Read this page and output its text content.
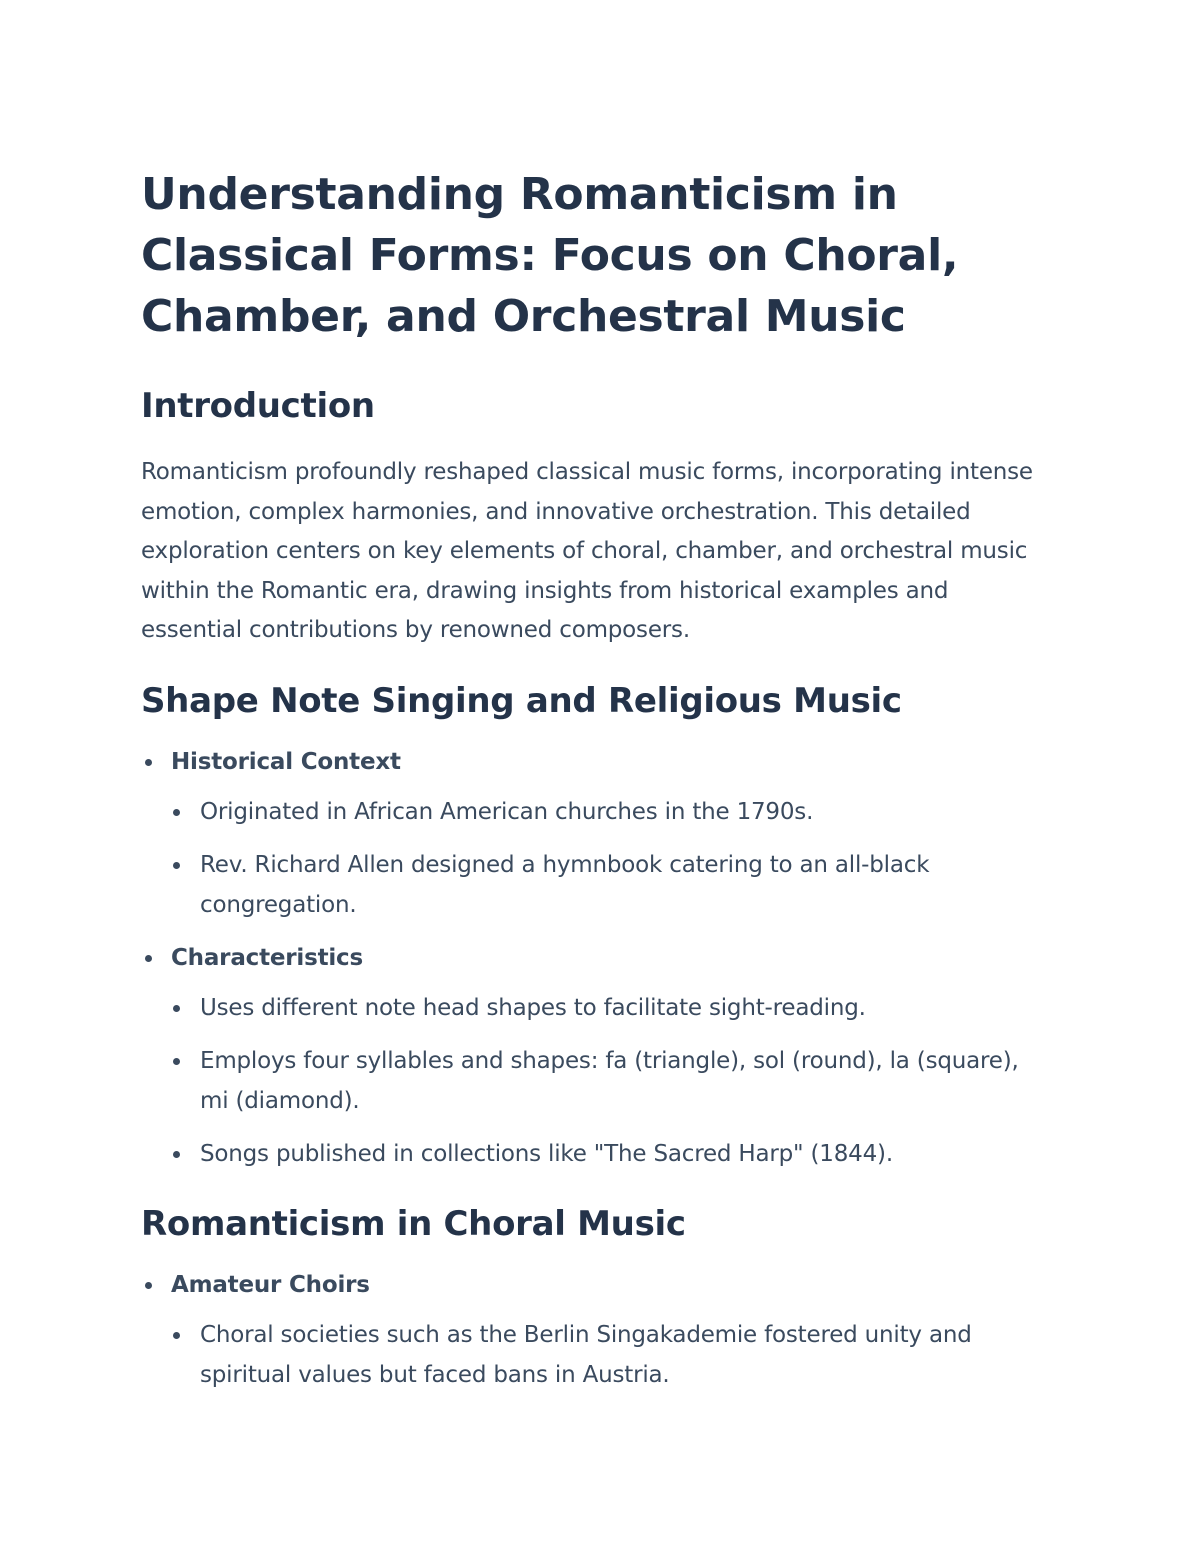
Understanding Romanticism in Classical Forms: Focus on Choral, Chamber, and Orchestral Music
Introduction

Romanticism profoundly reshaped classical music forms, incorporating intense emotion, complex harmonies, and innovative orchestration. This detailed exploration centers on key elements of choral, chamber, and orchestral music within the Romantic era, drawing insights from historical examples and essential contributions by renowned composers.

Shape Note Singing and Religious Music
Historical Context
Originated in African American churches in the 1790s.
Rev. Richard Allen designed a hymnbook catering to an all-black congregation.
Characteristics
Uses different note head shapes to facilitate sight-reading.
Employs four syllables and shapes: fa (triangle), sol (round), la (square), mi (diamond).
Songs published in collections like "The Sacred Harp" (1844).
Romanticism in Choral Music
Amateur Choirs
Choral societies such as the Berlin Singakademie fostered unity and spiritual values but faced bans in Austria.
